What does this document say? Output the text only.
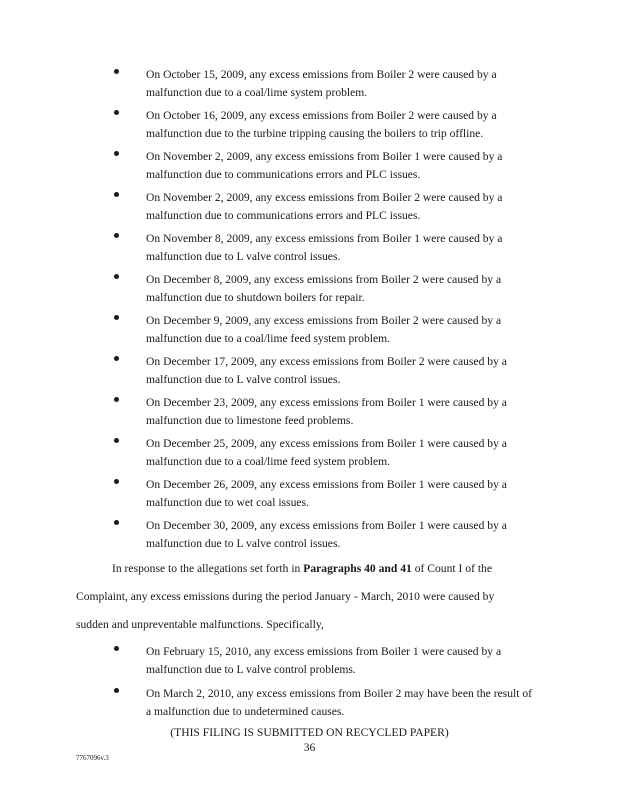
On October 15, 2009, any excess emissions from Boiler 2 were caused by a malfunction due to a coal/lime system problem.

On October 16, 2009, any excess emissions from Boiler 2 were caused by a malfunction due to the turbine tripping causing the boilers to trip offline.

On November 2, 2009, any excess emissions from Boiler 1 were caused by a malfunction due to communications errors and PLC issues.

On November 2, 2009, any excess emissions from Boiler 2 were caused by a malfunction due to communications errors and PLC issues.

On November 8, 2009, any excess emissions from Boiler 1 were caused by a malfunction due to L valve control issues.

On December 8, 2009, any excess emissions from Boiler 2 were caused by a malfunction due to shutdown boilers for repair.

On December 9, 2009, any excess emissions from Boiler 2 were caused by a malfunction due to a coal/lime feed system problem.

On December 17, 2009, any excess emissions from Boiler 2 were caused by a malfunction due to L valve control issues.

On December 23, 2009, any excess emissions from Boiler 1 were caused by a malfunction due to limestone feed problems.

On December 25, 2009, any excess emissions from Boiler 1 were caused by a malfunction due to a coal/lime feed system problem.

On December 26, 2009, any excess emissions from Boiler 1 were caused by a malfunction due to wet coal issues.

On December 30, 2009, any excess emissions from Boiler 1 were caused by a malfunction due to L valve control issues.

In response to the allegations set forth in Paragraphs 40 and 41 of Count I of the
Complaint, any excess emissions during the period January - March, 2010 were caused by
sudden and unpreventable malfunctions. Specifically,

On February 15, 2010, any excess emissions from Boiler 1 were caused by a malfunction due to L valve control problems.

On March 2, 2010, any excess emissions from Boiler 2 may have been the result of a malfunction due to undetermined causes.

(THIS FILING IS SUBMITTED ON RECYCLED PAPER)
36
7767096v.3
